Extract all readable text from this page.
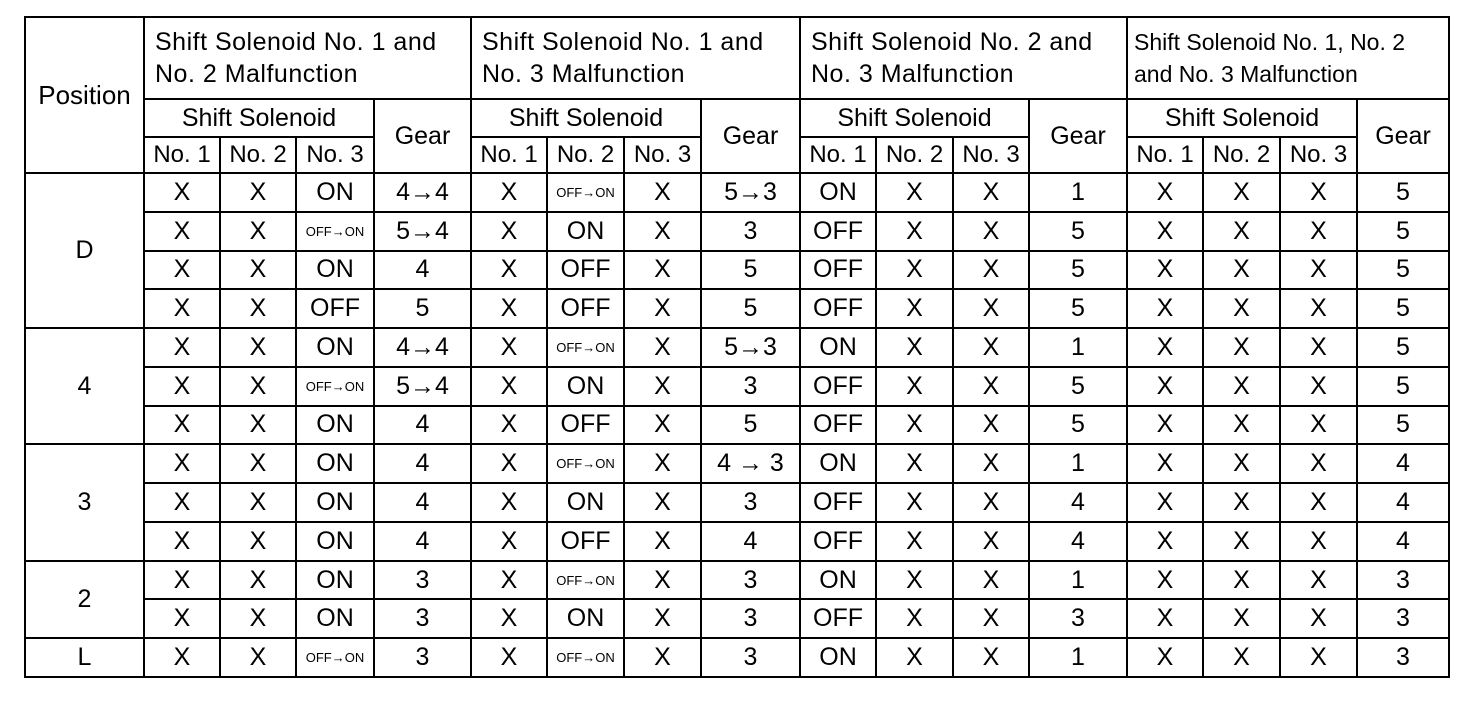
Position	Shift Solenoid No. 1 and No. 2 Malfunction				Shift Solenoid No. 1 and No. 3 Malfunction				Shift Solenoid No. 2 and No. 3 Malfunction				Shift Solenoid No. 1, No. 2 and No. 3 Malfunction			
	Shift Solenoid			Gear	Shift Solenoid			Gear	Shift Solenoid			Gear	Shift Solenoid			Gear
	No. 1	No. 2	No. 3		No. 1	No. 2	No. 3		No. 1	No. 2	No. 3		No. 1	No. 2	No. 3	
D	X	X	ON	4→4	X	OFF→ON	X	5→3	ON	X	X	1	X	X	X	5
	X	X	OFF→ON	5→4	X	ON	X	3	OFF	X	X	5	X	X	X	5
	X	X	ON	4	X	OFF	X	5	OFF	X	X	5	X	X	X	5
	X	X	OFF	5	X	OFF	X	5	OFF	X	X	5	X	X	X	5
4	X	X	ON	4→4	X	OFF→ON	X	5→3	ON	X	X	1	X	X	X	5
	X	X	OFF→ON	5→4	X	ON	X	3	OFF	X	X	5	X	X	X	5
	X	X	ON	4	X	OFF	X	5	OFF	X	X	5	X	X	X	5
3	X	X	ON	4	X	OFF→ON	X	4 → 3	ON	X	X	1	X	X	X	4
	X	X	ON	4	X	ON	X	3	OFF	X	X	4	X	X	X	4
	X	X	ON	4	X	OFF	X	4	OFF	X	X	4	X	X	X	4
2	X	X	ON	3	X	OFF→ON	X	3	ON	X	X	1	X	X	X	3
	X	X	ON	3	X	ON	X	3	OFF	X	X	3	X	X	X	3
L	X	X	OFF→ON	3	X	OFF→ON	X	3	ON	X	X	1	X	X	X	3
